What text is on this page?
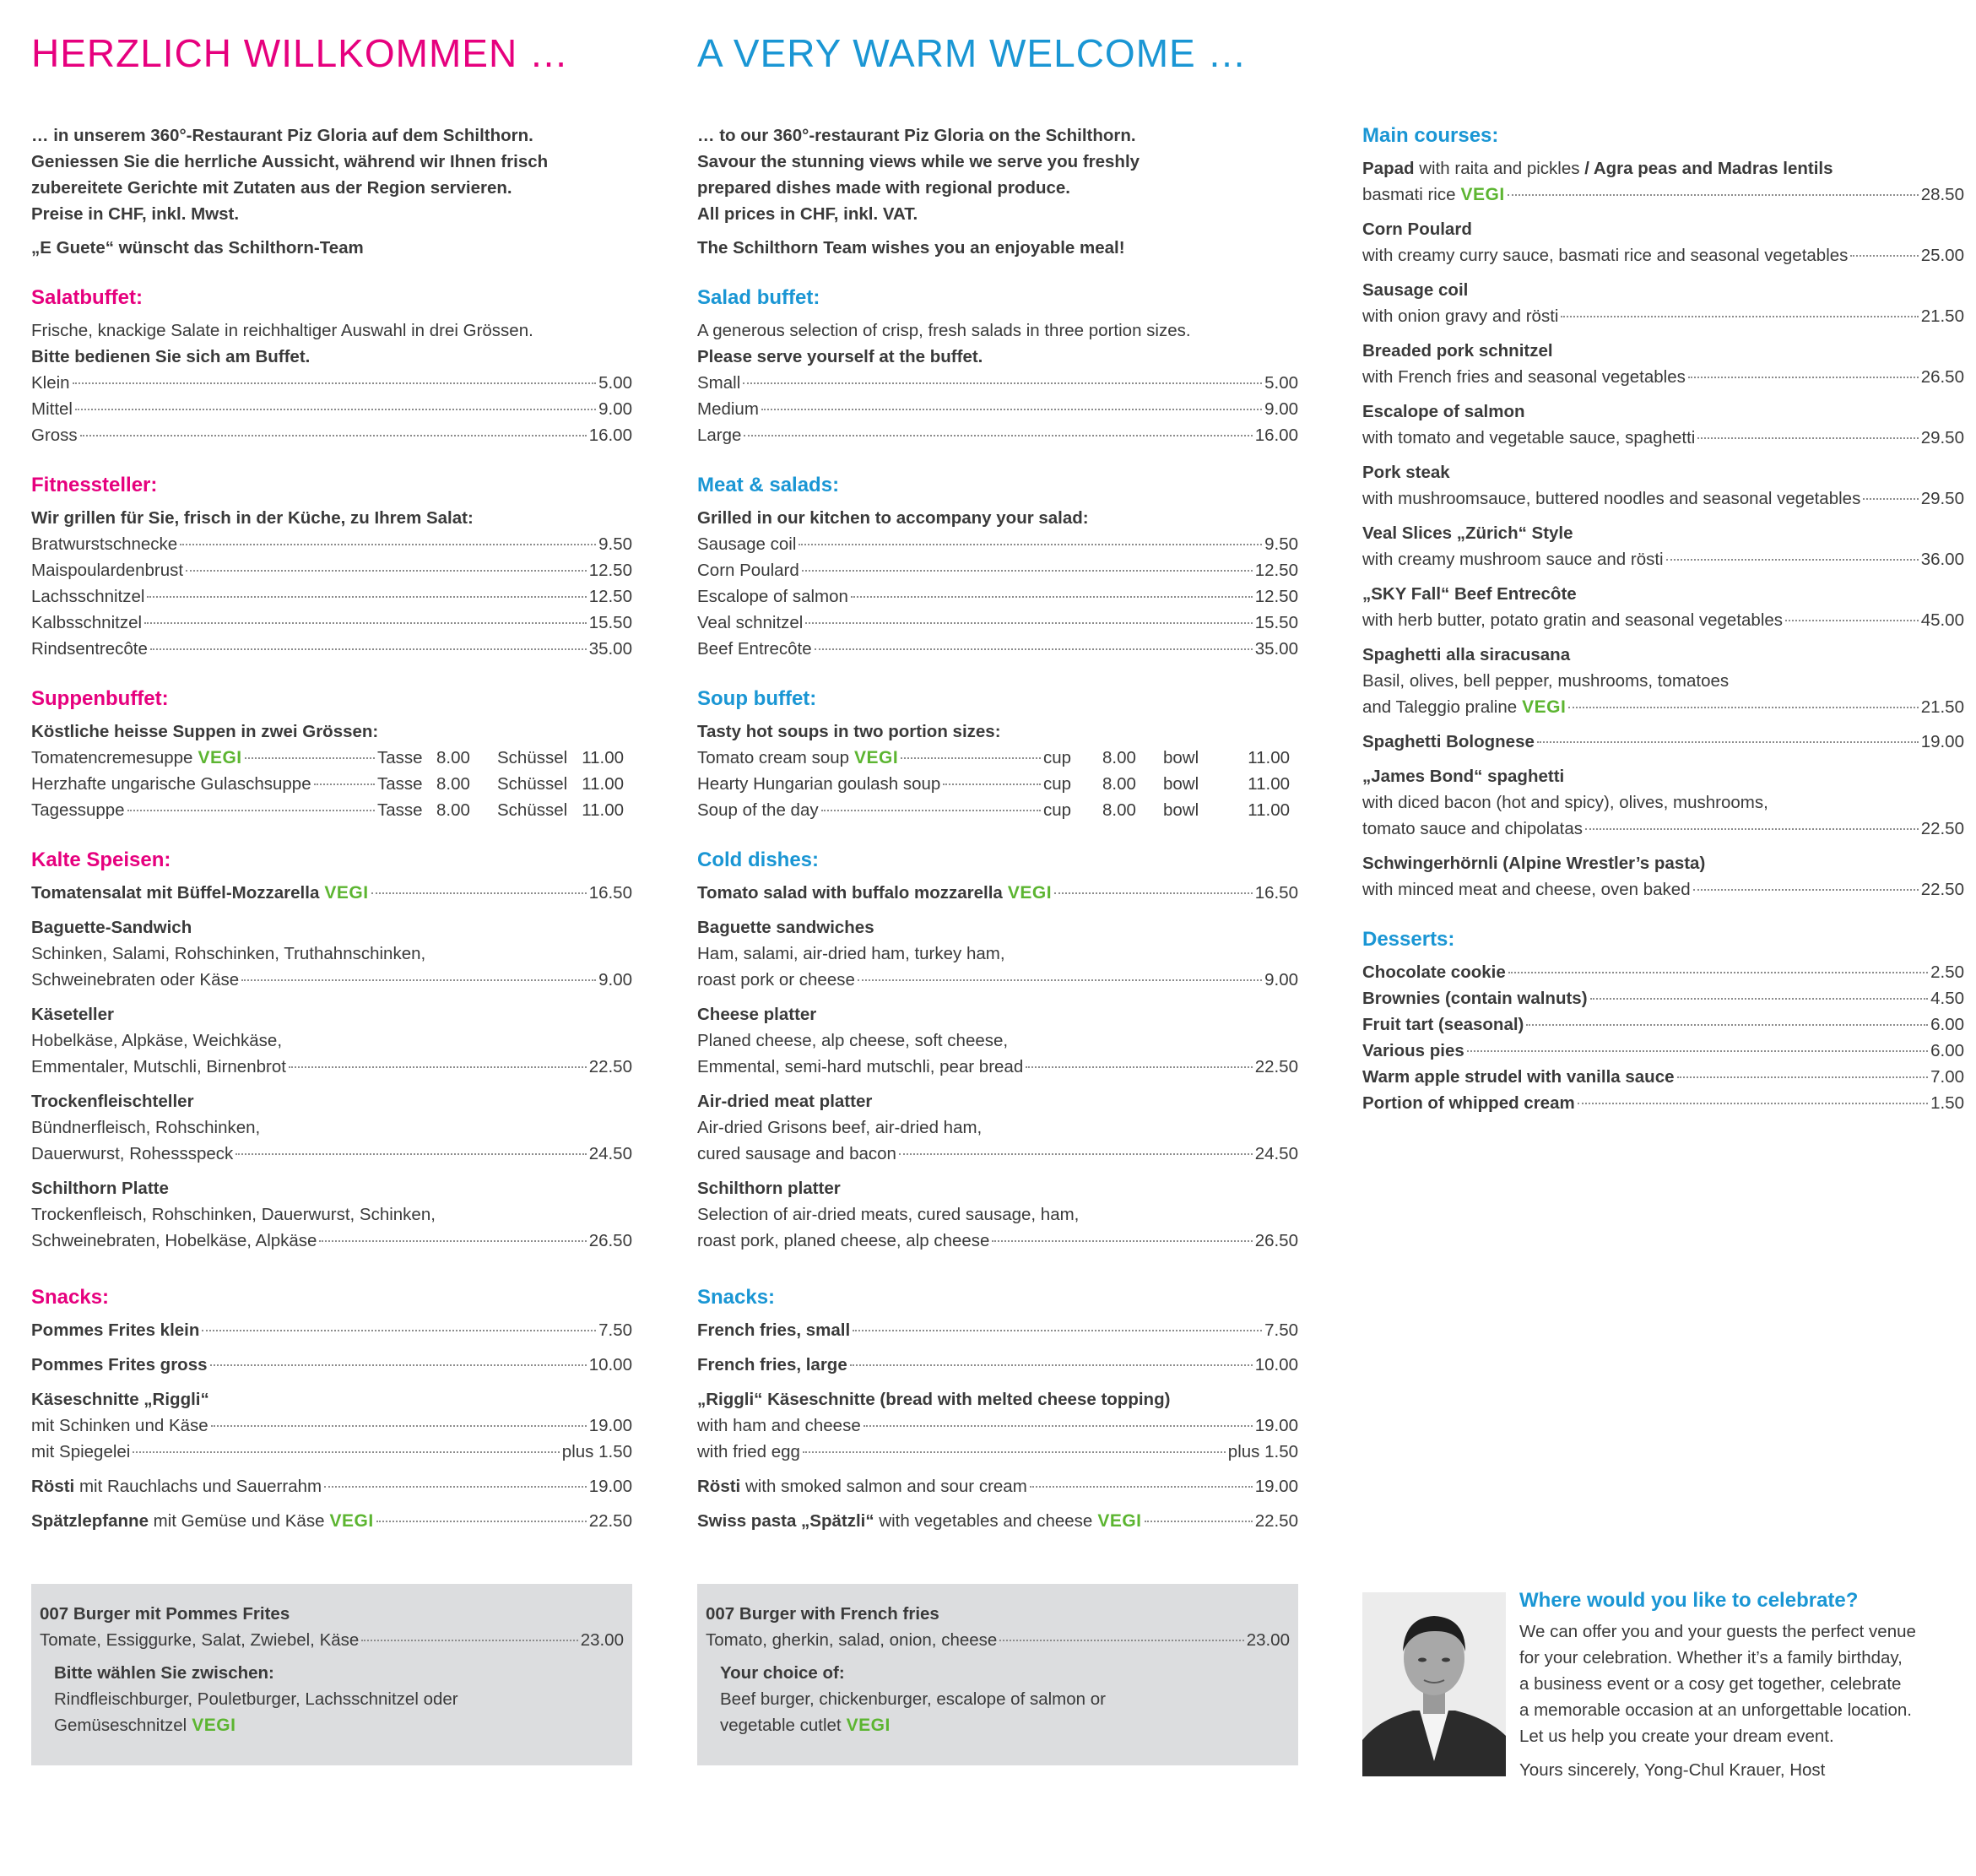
HERZLICH WILLKOMMEN …	A VERY WARM WELCOME …

… in unserem 360°-Restaurant Piz Gloria auf dem Schilthorn.

Geniessen Sie die herrliche Aussicht, während wir Ihnen frisch

zubereitete Gerichte mit Zutaten aus der Region servieren.

Preise in CHF, inkl. Mwst.

„E Guete“ wünscht das Schilthorn-Team

Salatbuffet:
Frische, knackige Salate in reichhaltiger Auswahl in drei Grössen.
Bitte bedienen Sie sich am Buffet.
Klein	5.00
Mittel	9.00
Gross	16.00
Fitnessteller:
Wir grillen für Sie, frisch in der Küche, zu Ihrem Salat:
Bratwurstschnecke	9.50
Maispoulardenbrust	12.50
Lachsschnitzel	12.50
Kalbsschnitzel	15.50
Rindsentrecôte	35.00
Suppenbuffet:
Köstliche heisse Suppen in zwei Grössen:
Tomatencremesuppe VEGI	Tasse 8.00	Schüssel 11.00
Herzhafte ungarische Gulaschsuppe	Tasse 8.00	Schüssel 11.00
Tagessuppe	Tasse 8.00	Schüssel 11.00
Kalte Speisen:
Tomatensalat mit Büffel-Mozzarella VEGI	16.50
Baguette-Sandwich
Schinken, Salami, Rohschinken, Truthahnschinken,
Schweinebraten oder Käse	9.00
Käseteller
Hobelkäse, Alpkäse, Weichkäse,
Emmentaler, Mutschli, Birnenbrot	22.50
Trockenfleischteller
Bündnerfleisch, Rohschinken,
Dauerwurst, Rohessspeck	24.50
Schilthorn Platte
Trockenfleisch, Rohschinken, Dauerwurst, Schinken,
Schweinebraten, Hobelkäse, Alpkäse	26.50
Snacks:
Pommes Frites klein	7.50
Pommes Frites gross	10.00
Käseschnitte „Riggli“
mit Schinken und Käse	19.00
mit Spiegelei	plus 1.50
Rösti mit Rauchlachs und Sauerrahm	19.00
Spätzlepfanne mit Gemüse und Käse VEGI	22.50
007 Burger mit Pommes Frites
Tomate, Essiggurke, Salat, Zwiebel, Käse	23.00
Bitte wählen Sie zwischen:
Rindfleischburger, Pouletburger, Lachsschnitzel oder
Gemüseschnitzel VEGI

… to our 360°-restaurant Piz Gloria on the Schilthorn.

Savour the stunning views while we serve you freshly

prepared dishes made with regional produce.

All prices in CHF, inkl. VAT.

The Schilthorn Team wishes you an enjoyable meal!

Salad buffet:
A generous selection of crisp, fresh salads in three portion sizes.
Please serve yourself at the buffet.
Small	5.00
Medium	9.00
Large	16.00
Meat & salads:
Grilled in our kitchen to accompany your salad:
Sausage coil	9.50
Corn Poulard	12.50
Escalope of salmon	12.50
Veal schnitzel	15.50
Beef Entrecôte	35.00
Soup buffet:
Tasty hot soups in two portion sizes:
Tomato cream soup VEGI	cup	8.00	bowl	11.00
Hearty Hungarian goulash soup	cup	8.00	bowl	11.00
Soup of the day	cup	8.00	bowl	11.00
Cold dishes:
Tomato salad with buffalo mozzarella VEGI	16.50
Baguette sandwiches
Ham, salami, air-dried ham, turkey ham,
roast pork or cheese	9.00
Cheese platter
Planed cheese, alp cheese, soft cheese,
Emmental, semi-hard mutschli, pear bread	22.50
Air-dried meat platter
Air-dried Grisons beef, air-dried ham,
cured sausage and bacon	24.50
Schilthorn platter
Selection of air-dried meats, cured sausage, ham,
roast pork, planed cheese, alp cheese	26.50
Snacks:
French fries, small	7.50
French fries, large	10.00
„Riggli“ Käseschnitte (bread with melted cheese topping)
with ham and cheese	19.00
with fried egg	plus 1.50
Rösti with smoked salmon and sour cream	19.00
Swiss pasta „Spätzli“ with vegetables and cheese VEGI	22.50
007 Burger with French fries
Tomato, gherkin, salad, onion, cheese	23.00
Your choice of:
Beef burger, chickenburger, escalope of salmon or
vegetable cutlet VEGI
Main courses:
Papad with raita and pickles / Agra peas and Madras lentils
basmati rice VEGI	28.50
Corn Poulard
with creamy curry sauce, basmati rice and seasonal vegetables	25.00
Sausage coil
with onion gravy and rösti	21.50
Breaded pork schnitzel
with French fries and seasonal vegetables	26.50
Escalope of salmon
with tomato and vegetable sauce, spaghetti	29.50
Pork steak
with mushroomsauce, buttered noodles and seasonal vegetables	29.50
Veal Slices „Zürich“ Style
with creamy mushroom sauce and rösti	36.00
„SKY Fall“ Beef Entrecôte
with herb butter, potato gratin and seasonal vegetables	45.00
Spaghetti alla siracusana
Basil, olives, bell pepper, mushrooms, tomatoes
and Taleggio praline VEGI	21.50
Spaghetti Bolognese	19.00
„James Bond“ spaghetti
with diced bacon (hot and spicy), olives, mushrooms,
tomato sauce and chipolatas	22.50
Schwingerhörnli (Alpine Wrestler’s pasta)
with minced meat and cheese, oven baked	22.50
Desserts:
Chocolate cookie	2.50
Brownies (contain walnuts)	4.50
Fruit tart (seasonal)	6.00
Various pies	6.00
Warm apple strudel with vanilla sauce	7.00
Portion of whipped cream	1.50
Where would you like to celebrate?
We can offer you and your guests the perfect venue
for your celebration. Whether it’s a family birthday,
a business event or a cosy get together, celebrate
a memorable occasion at an unforgettable location.
Let us help you create your dream event.
Yours sincerely, Yong-Chul Krauer, Host
